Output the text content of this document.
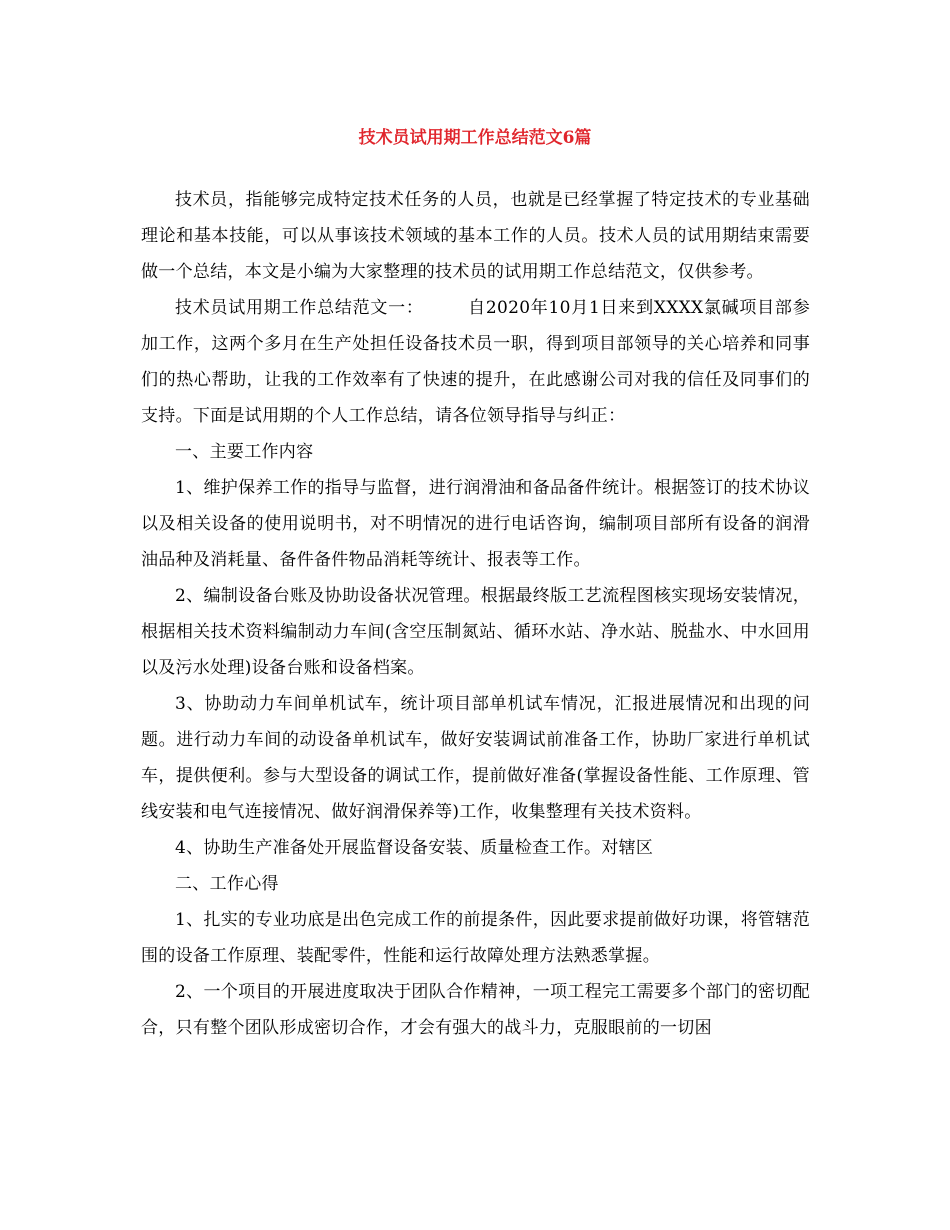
技术员试用期工作总结范文6篇

技术员，指能够完成特定技术任务的人员，也就是已经掌握了特定技术的专业基础理论和基本技能，可以从事该技术领域的基本工作的人员。技术人员的试用期结束需要做一个总结，本文是小编为大家整理的技术员的试用期工作总结范文，仅供参考。

技术员试用期工作总结范文一：	自2020年10月1日来到XXXX氯碱项目部参加工作，这两个多月在生产处担任设备技术员一职，得到项目部领导的关心培养和同事们的热心帮助，让我的工作效率有了快速的提升，在此感谢公司对我的信任及同事们的支持。下面是试用期的个人工作总结，请各位领导指导与纠正：

一、主要工作内容

1、维护保养工作的指导与监督，进行润滑油和备品备件统计。根据签订的技术协议以及相关设备的使用说明书，对不明情况的进行电话咨询，编制项目部所有设备的润滑油品种及消耗量、备件备件物品消耗等统计、报表等工作。

2、编制设备台账及协助设备状况管理。根据最终版工艺流程图核实现场安装情况，根据相关技术资料编制动力车间(含空压制氮站、循环水站、净水站、脱盐水、中水回用以及污水处理)设备台账和设备档案。

3、协助动力车间单机试车，统计项目部单机试车情况，汇报进展情况和出现的问 题。进行动力车间的动设备单机试车，做好安装调试前准备工作，协助厂家进行单机试车，提供便利。参与大型设备的调试工作，提前做好准备(掌握设备性能、工作原理、管线安装和电气连接情况、做好润滑保养等)工作，收集整理有关技术资料。

4、协助生产准备处开展监督设备安装、质量检查工作。对辖区

二、工作心得

1、扎实的专业功底是出色完成工作的前提条件，因此要求提前做好功课，将管辖范围的设备工作原理、装配零件，性能和运行故障处理方法熟悉掌握。

2、一个项目的开展进度取决于团队合作精神，一项工程完工需要多个部门的密切配合，只有整个团队形成密切合作，才会有强大的战斗力，克服眼前的一切困
